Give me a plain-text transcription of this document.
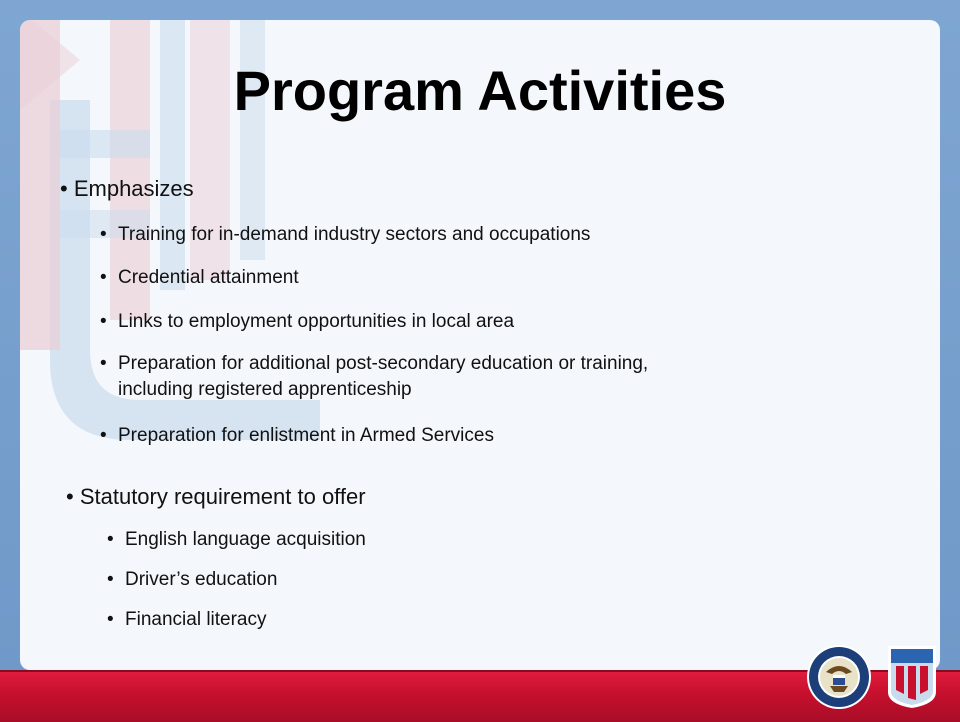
Program Activities
• Emphasizes
• Training for in-demand industry sectors and occupations
• Credential attainment
• Links to employment opportunities in local area
• Preparation for additional post-secondary education or training,
including registered apprenticeship
• Preparation for enlistment in Armed Services
• Statutory requirement to offer
• English language acquisition
• Driver’s education
• Financial literacy
